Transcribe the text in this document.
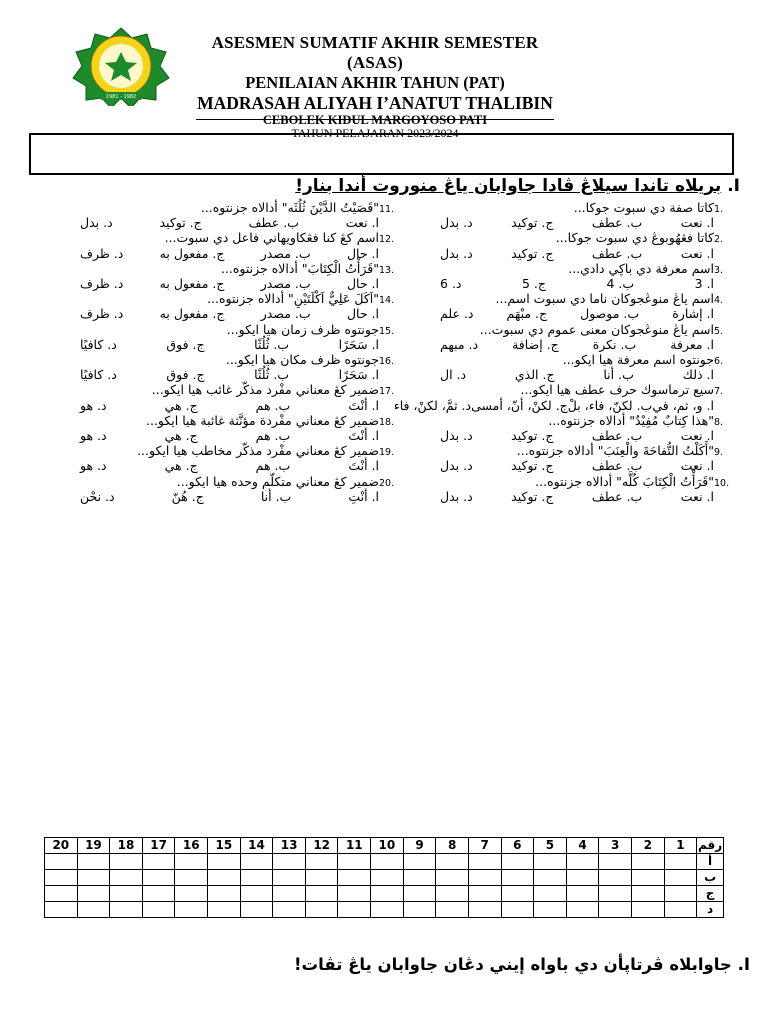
1981 - 1982
ASESMEN SUMATIF AKHIR SEMESTER (ASAS)
PENILAIAN AKHIR TAHUN (PAT)
MADRASAH ALIYAH I’ANATUT THALIBIN
CEBOLEK KIDUL MARGOYOSO PATI
TAHUN PELAJARAN 2023/2024
I. بريلاه تاندا سيلاڠ ڤادا جاوابان ياڠ منوروت أندا بنار!
1.
كاتا صفة دي سبوت جوكا...
ا. نعت
ب. عطف
ج. توكيد
د. بدل
2.
كاتا فڠهُوبوڠ دي سبوت جوكا...
ا. نعت
ب. عطف
ج. توكيد
د. بدل
3.
اسم معرفة دي باڮي دادي...
ا. 3
ب. 4
ج. 5
د. 6
4.
اسم ياڠ منوڠجوكان ناما دي سبوت اسم...
ا. إشارة
ب. موصول
ج. مبْهَم
د. علم
5.
اسم ياڠ منوڠجوكان معنى عموم دي سبوت...
ا. معرفة
ب. نكرة
ج. إضافة
د. مبهم
6.
جونتوه اسم معرفة هيا ايكو...
ا. ذلك
ب. أنا
ج. الذي
د. ال
7.
سيع ترماسوك حرف عطف هيا ايكو...
ا. و، ثم، في
ب. لكنّ، فاء، بلْ
ج. لكنْ، أنّ، أمسى
د. ثمَّ، لكنْ، فاء
8.
"هذا كِتابٌ مُفِيْدٌ" أدالاه جزنتوه...
ا. نعت
ب. عطف
ج. توكيد
د. بدل
9.
"أَكَلْتُ التُّفاحَةَ والْعِنَبَ" أدالاه جزنتوه...
ا. نعت
ب. عطف
ج. توكيد
د. بدل
10.
"قَرَأْتُ الْكِتَابَ كُلَّه" أدالاه جزنتوه...
ا. نعت
ب. عطف
ج. توكيد
د. بدل
11.
"قَصَيْتُ الدَّيْنَ ثُلُثَه" أدالاه جزنتوه...
ا. نعت
ب. عطف
ج. توكيد
د. بدل
12.
اسم كڠ كنا فڠكاويهاني فاعل دي سبوت...
ا. حال
ب. مصدر
ج. مفعول به
د. ظرف
13.
"قَرَأْتُ الْكِتَابَ" أدالاه جزنتوه...
ا. حال
ب. مصدر
ج. مفعول به
د. ظرف
14.
"اَكَلَ عَلِيٌّ اَكْلَتَيْنِ" أدالاه جزنتوه...
ا. حال
ب. مصدر
ج. مفعول به
د. ظرف
15.
جونتوه ظرف زمان هيا ايكو...
ا. سَحَرًا
ب. ثُلُثًا
ج. فوق
د. كافيًا
16.
جونتوه ظرف مكان هيا ايكو...
ا. سَحَرًا
ب. ثُلُثًا
ج. فوق
د. كافيًا
17.
ضمير كڠ معناني مفْرد مذكّر غائب هيا ايكو...
ا. أنْتَ
ب. هم
ج. هي
د. هو
18.
ضمير كڠ معناني مفْردة مؤنَّثة غائبة هيا ايكو...
ا. أنْتَ
ب. هم
ج. هي
د. هو
19.
ضمير كڠ معناني مفْرد مذكّر مخاطب هيا ايكو...
ا. أنْتَ
ب. هم
ج. هي
د. هو
20.
ضمير كڠ معناني متكلّم وحده هيا ايكو...
ا. أنْتِ
ب. أنا
ج. هُنّ
د. نحْن
20	19	18	17	16	15	14	13	12	11	10	9	8	7	6	5	4	3	2	1	رقم
																				أ
																				ب
																				ج
																				د
I. جاوابلاه ڤرتاپأن دي باواه إيني دڠان جاوابان ياڠ تڤات!
